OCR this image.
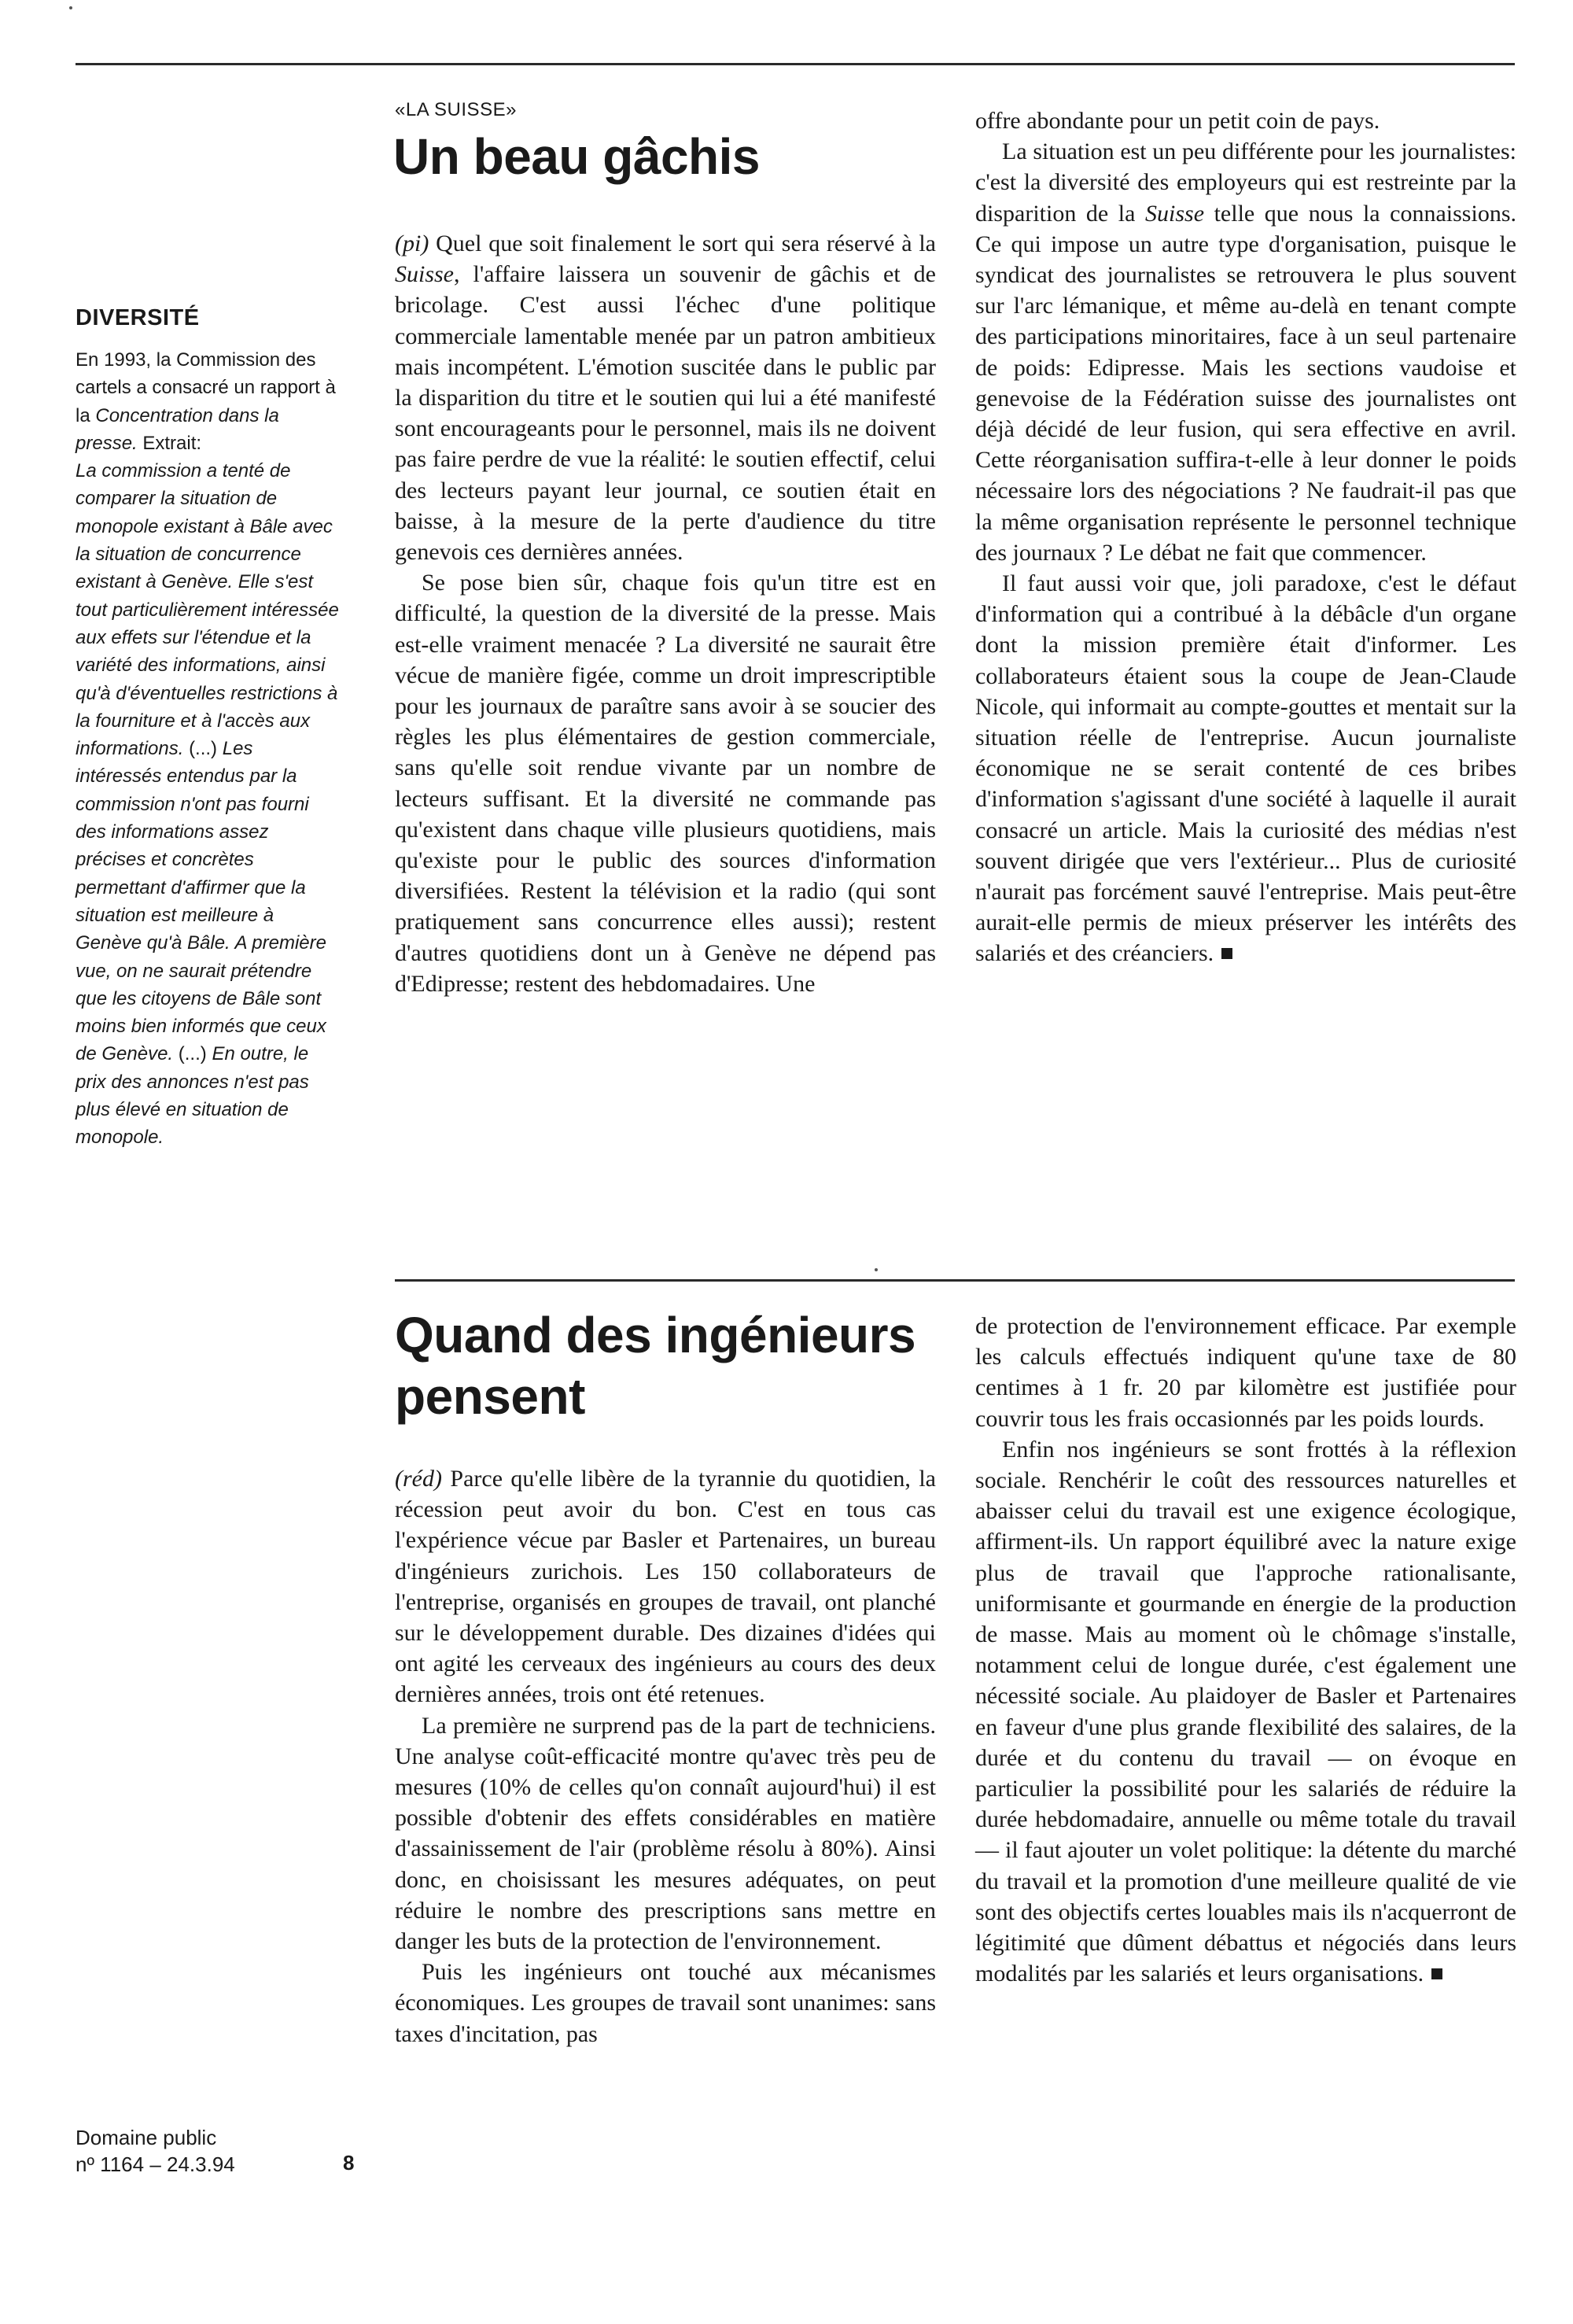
DIVERSITÉ

En 1993, la Commission des cartels a consacré un rapport à la Concentration dans la presse. Extrait:

La commission a tenté de comparer la situation de monopole existant à Bâle avec la situation de concurrence existant à Genève. Elle s'est tout particulièrement intéressée aux effets sur l'étendue et la variété des informations, ainsi qu'à d'éventuelles restrictions à la fourniture et à l'accès aux informations. (...) Les intéressés entendus par la commission n'ont pas fourni des informations assez précises et concrètes permettant d'affirmer que la situation est meilleure à Genève qu'à Bâle. A première vue, on ne saurait prétendre que les citoyens de Bâle sont moins bien informés que ceux de Genève. (...) En outre, le prix des annonces n'est pas plus élevé en situation de monopole.

«LA SUISSE»
Un beau gâchis

(pi) Quel que soit finalement le sort qui sera réservé à la Suisse, l'affaire laissera un souvenir de gâchis et de bricolage. C'est aussi l'échec d'une politique commerciale lamentable menée par un patron ambitieux mais incompétent. L'émotion suscitée dans le public par la disparition du titre et le soutien qui lui a été manifesté sont encourageants pour le personnel, mais ils ne doivent pas faire perdre de vue la réalité: le soutien effectif, celui des lecteurs payant leur journal, ce soutien était en baisse, à la mesure de la perte d'audience du titre genevois ces dernières années.

Se pose bien sûr, chaque fois qu'un titre est en difficulté, la question de la diversité de la presse. Mais est-elle vraiment menacée ? La diversité ne saurait être vécue de manière figée, comme un droit imprescriptible pour les journaux de paraître sans avoir à se soucier des règles les plus élémentaires de gestion commerciale, sans qu'elle soit rendue vivante par un nombre de lecteurs suffisant. Et la diversité ne commande pas qu'existent dans chaque ville plusieurs quotidiens, mais qu'existe pour le public des sources d'information diversifiées. Restent la télévision et la radio (qui sont pratiquement sans concurrence elles aussi); restent d'autres quotidiens dont un à Genève ne dépend pas d'Edipresse; restent des hebdomadaires. Une

offre abondante pour un petit coin de pays.

La situation est un peu différente pour les journalistes: c'est la diversité des employeurs qui est restreinte par la disparition de la Suisse telle que nous la connaissions. Ce qui impose un autre type d'organisation, puisque le syndicat des journalistes se retrouvera le plus souvent sur l'arc lémanique, et même au-delà en tenant compte des participations minoritaires, face à un seul partenaire de poids: Edipresse. Mais les sections vaudoise et genevoise de la Fédération suisse des journalistes ont déjà décidé de leur fusion, qui sera effective en avril. Cette réorganisation suffira-t-elle à leur donner le poids nécessaire lors des négociations ? Ne faudrait-il pas que la même organisation représente le personnel technique des journaux ? Le débat ne fait que commencer.

Il faut aussi voir que, joli paradoxe, c'est le défaut d'information qui a contribué à la débâcle d'un organe dont la mission première était d'informer. Les collaborateurs étaient sous la coupe de Jean-Claude Nicole, qui informait au compte-gouttes et mentait sur la situation réelle de l'entreprise. Aucun journaliste économique ne se serait contenté de ces bribes d'information s'agissant d'une société à laquelle il aurait consacré un article. Mais la curiosité des médias n'est souvent dirigée que vers l'extérieur... Plus de curiosité n'aurait pas forcément sauvé l'entreprise. Mais peut-être aurait-elle permis de mieux préserver les intérêts des salariés et des créanciers.

Quand des ingénieurs
pensent

(réd) Parce qu'elle libère de la tyrannie du quotidien, la récession peut avoir du bon. C'est en tous cas l'expérience vécue par Basler et Partenaires, un bureau d'ingénieurs zurichois. Les 150 collaborateurs de l'entreprise, organisés en groupes de travail, ont planché sur le développement durable. Des dizaines d'idées qui ont agité les cerveaux des ingénieurs au cours des deux dernières années, trois ont été retenues.

La première ne surprend pas de la part de techniciens. Une analyse coût-efficacité montre qu'avec très peu de mesures (10% de celles qu'on connaît aujourd'hui) il est possible d'obtenir des effets considérables en matière d'assainissement de l'air (problème résolu à 80%). Ainsi donc, en choisissant les mesures adéquates, on peut réduire le nombre des prescriptions sans mettre en danger les buts de la protection de l'environnement.

Puis les ingénieurs ont touché aux mécanismes économiques. Les groupes de travail sont unanimes: sans taxes d'incitation, pas

de protection de l'environnement efficace. Par exemple les calculs effectués indiquent qu'une taxe de 80 centimes à 1 fr. 20 par kilomètre est justifiée pour couvrir tous les frais occasionnés par les poids lourds.

Enfin nos ingénieurs se sont frottés à la réflexion sociale. Renchérir le coût des ressources naturelles et abaisser celui du travail est une exigence écologique, affirment-ils. Un rapport équilibré avec la nature exige plus de travail que l'approche rationalisante, uniformisante et gourmande en énergie de la production de masse. Mais au moment où le chômage s'installe, notamment celui de longue durée, c'est également une nécessité sociale. Au plaidoyer de Basler et Partenaires en faveur d'une plus grande flexibilité des salaires, de la durée et du contenu du travail — on évoque en particulier la possibilité pour les salariés de réduire la durée hebdomadaire, annuelle ou même totale du travail — il faut ajouter un volet politique: la détente du marché du travail et la promotion d'une meilleure qualité de vie sont des objectifs certes louables mais ils n'acquerront de légitimité que dûment débattus et négociés dans leurs modalités par les salariés et leurs organisations.

Domaine public
nº 1164 – 24.3.94	8
